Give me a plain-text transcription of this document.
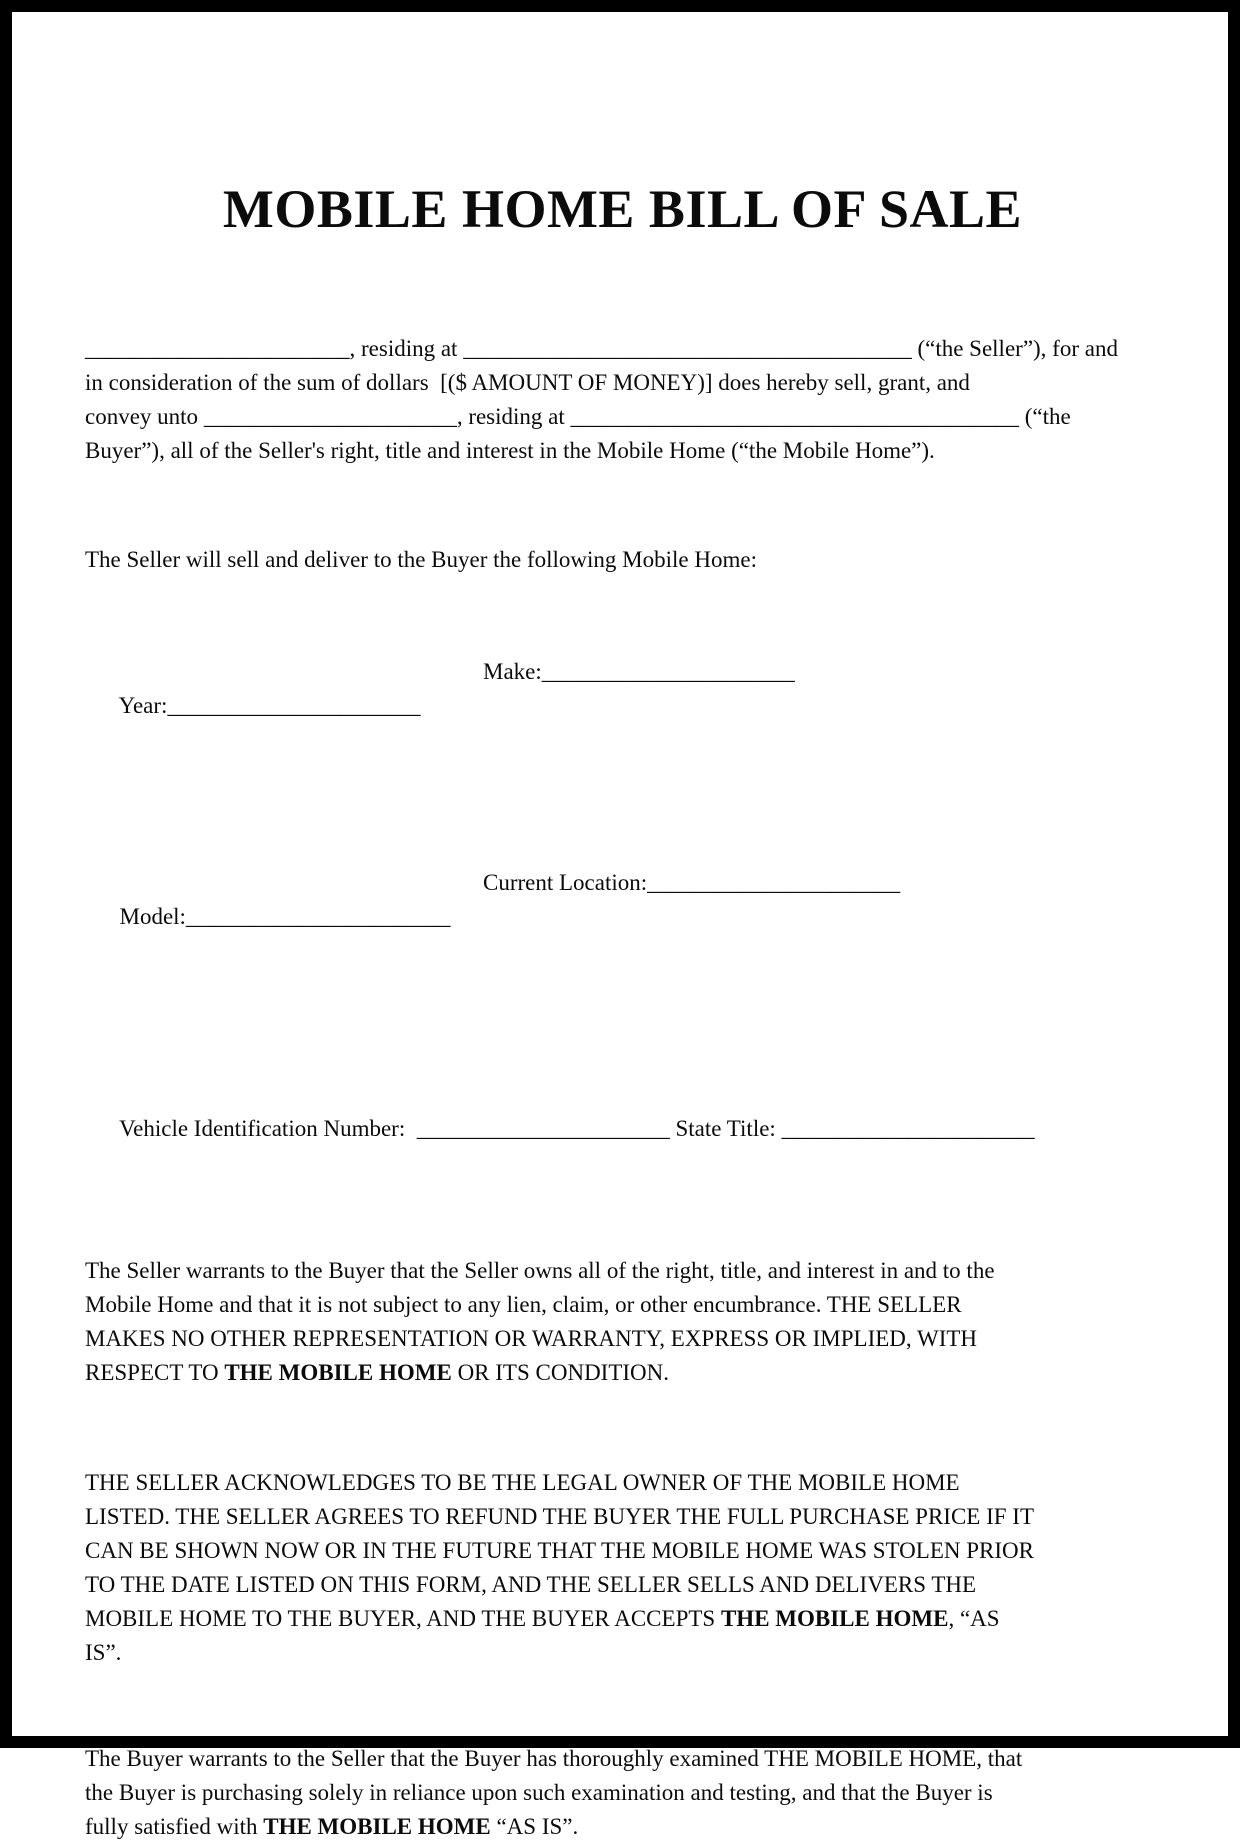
MOBILE HOME BILL OF SALE
_______________________, residing at _______________________________________ (“the Seller”), for and
in consideration of the sum of dollars  [($ AMOUNT OF MONEY)] does hereby sell, grant, and
convey unto ______________________, residing at _______________________________________ (“the
Buyer”), all of the Seller's right, title and interest in the Mobile Home (“the Mobile Home”).
The Seller will sell and deliver to the Buyer the following Mobile Home:

Year:______________________

Make:______________________

Model:_______________________

Current Location:______________________

Vehicle Identification Number:  ______________________ State Title: ______________________

The Seller warrants to the Buyer that the Seller owns all of the right, title, and interest in and to the
Mobile Home and that it is not subject to any lien, claim, or other encumbrance. THE SELLER
MAKES NO OTHER REPRESENTATION OR WARRANTY, EXPRESS OR IMPLIED, WITH
RESPECT TO THE MOBILE HOME OR ITS CONDITION.
THE SELLER ACKNOWLEDGES TO BE THE LEGAL OWNER OF THE MOBILE HOME
LISTED. THE SELLER AGREES TO REFUND THE BUYER THE FULL PURCHASE PRICE IF IT
CAN BE SHOWN NOW OR IN THE FUTURE THAT THE MOBILE HOME WAS STOLEN PRIOR
TO THE DATE LISTED ON THIS FORM, AND THE SELLER SELLS AND DELIVERS THE
MOBILE HOME TO THE BUYER, AND THE BUYER ACCEPTS THE MOBILE HOME, “AS
IS”.
The Buyer warrants to the Seller that the Buyer has thoroughly examined THE MOBILE HOME, that
the Buyer is purchasing solely in reliance upon such examination and testing, and that the Buyer is
fully satisfied with THE MOBILE HOME “AS IS”.
